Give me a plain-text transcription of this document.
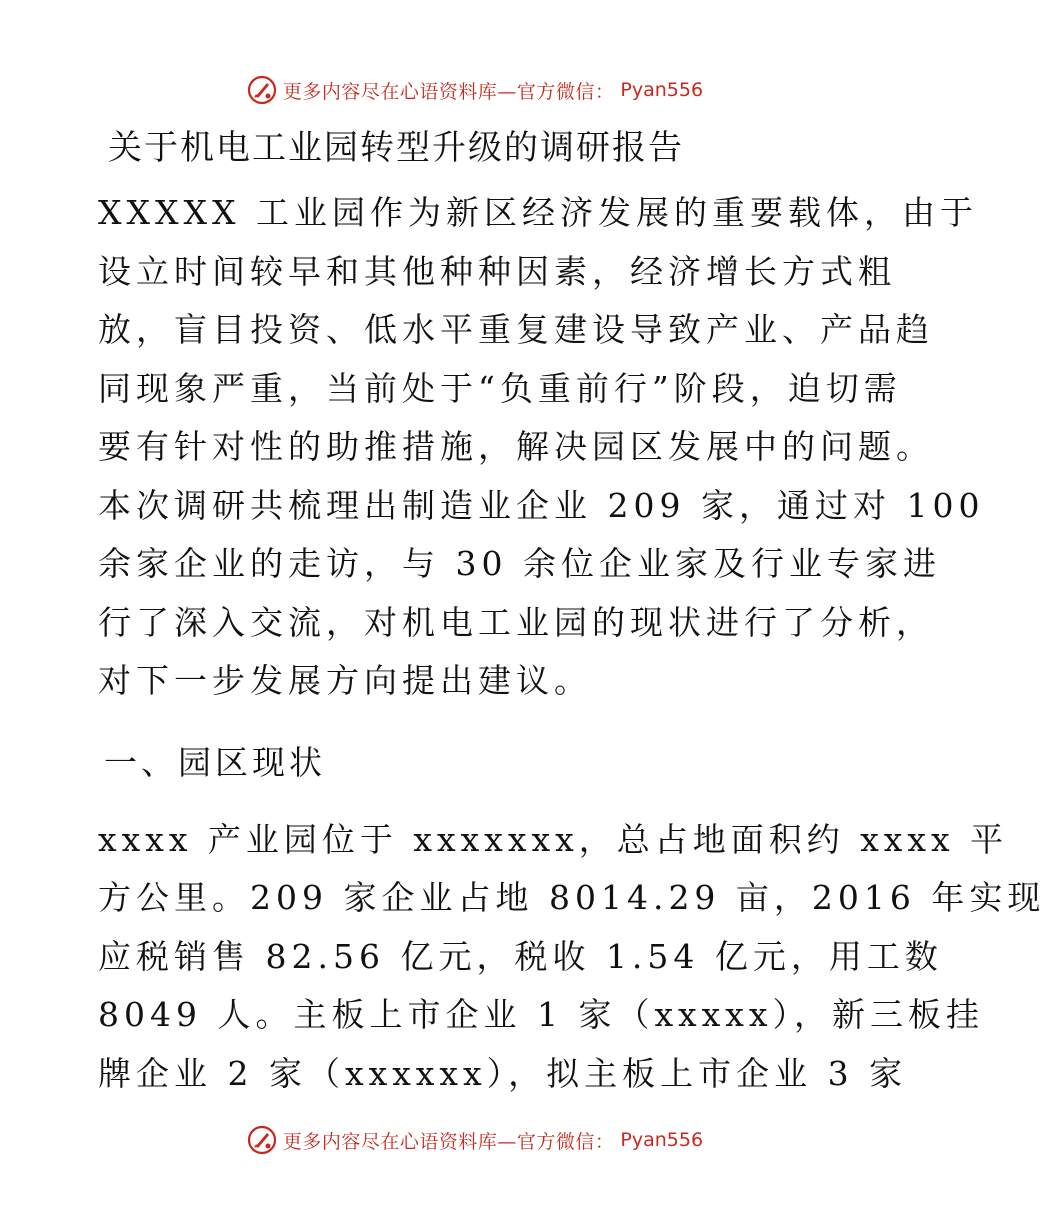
更多内容尽在心语资料库—官方微信： Pyan556
关于机电工业园转型升级的调研报告
XXXXX 工业园作为新区经济发展的重要载体，由于
设立时间较早和其他种种因素，经济增长方式粗
放，盲目投资、低水平重复建设导致产业、产品趋
同现象严重，当前处于“负重前行”阶段，迫切需
要有针对性的助推措施，解决园区发展中的问题。
本次调研共梳理出制造业企业 209 家，通过对 100
余家企业的走访，与 30 余位企业家及行业专家进
行了深入交流，对机电工业园的现状进行了分析，
对下一步发展方向提出建议。
一、园区现状
xxxx 产业园位于 xxxxxxx，总占地面积约 xxxx 平
方公里。209 家企业占地 8014.29 亩，2016 年实现
应税销售 82.56 亿元，税收 1.54 亿元，用工数
8049 人。主板上市企业 1 家（xxxxx），新三板挂
牌企业 2 家（xxxxxx），拟主板上市企业 3 家
更多内容尽在心语资料库—官方微信： Pyan556
